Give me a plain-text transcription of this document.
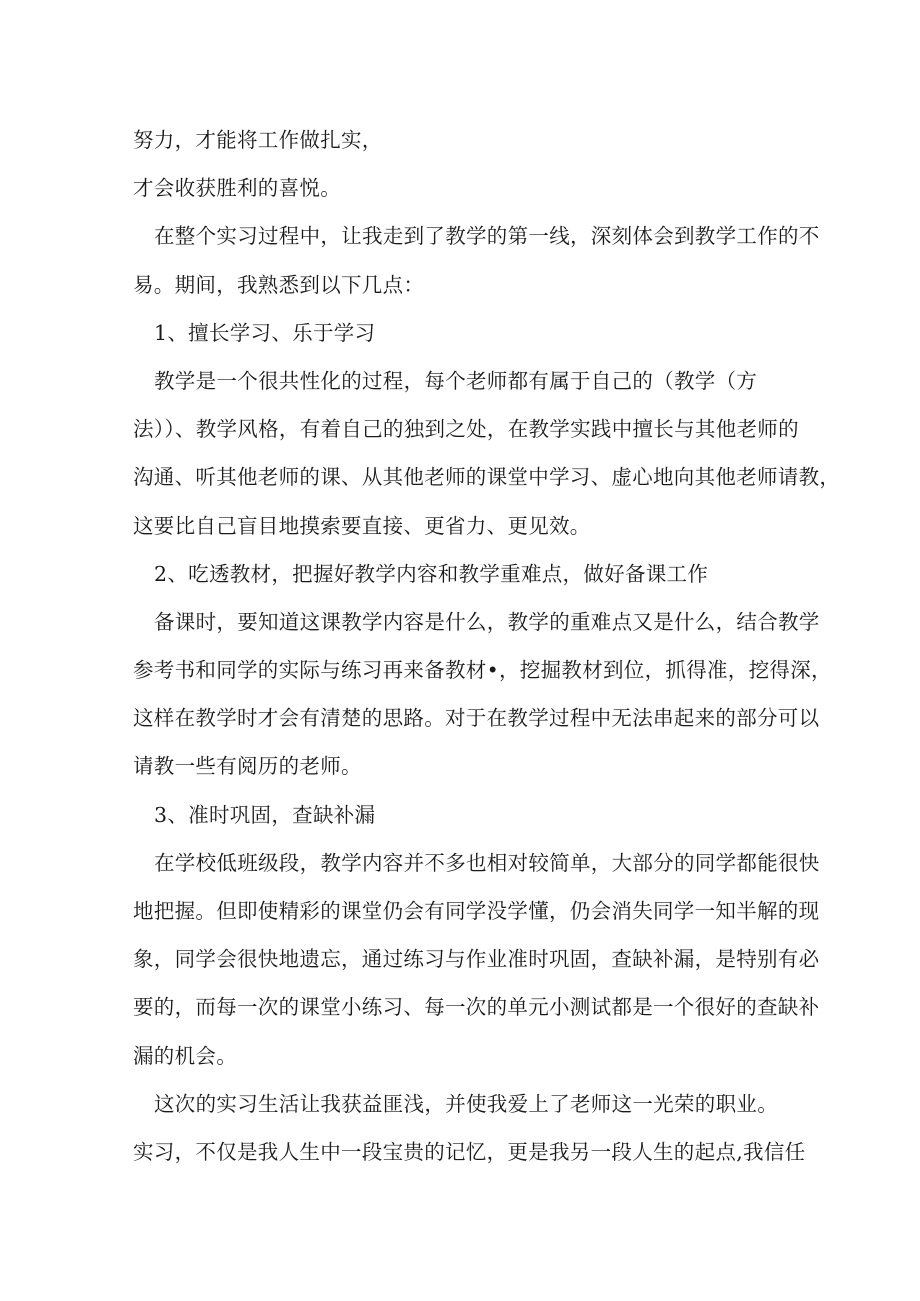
努力，才能将工作做扎实，
才会收获胜利的喜悦。
在整个实习过程中，让我走到了教学的第一线，深刻体会到教学工作的不
易。期间，我熟悉到以下几点：
1、擅长学习、乐于学习
教学是一个很共性化的过程，每个老师都有属于自己的（教学（方
法））、教学风格，有着自己的独到之处，在教学实践中擅长与其他老师的
沟通、听其他老师的课、从其他老师的课堂中学习、虚心地向其他老师请教，
这要比自己盲目地摸索要直接、更省力、更见效。
2、吃透教材，把握好教学内容和教学重难点，做好备课工作
备课时，要知道这课教学内容是什么，教学的重难点又是什么，结合教学
参考书和同学的实际与练习再来备教材•，挖掘教材到位，抓得准，挖得深，
这样在教学时才会有清楚的思路。对于在教学过程中无法串起来的部分可以
请教一些有阅历的老师。
3、准时巩固，查缺补漏
在学校低班级段，教学内容并不多也相对较简单，大部分的同学都能很快
地把握。但即使精彩的课堂仍会有同学没学懂，仍会消失同学一知半解的现
象，同学会很快地遗忘，通过练习与作业准时巩固，查缺补漏，是特别有必
要的，而每一次的课堂小练习、每一次的单元小测试都是一个很好的查缺补
漏的机会。
这次的实习生活让我获益匪浅，并使我爱上了老师这一光荣的职业。
实习，不仅是我人生中一段宝贵的记忆，更是我另一段人生的起点,我信任
